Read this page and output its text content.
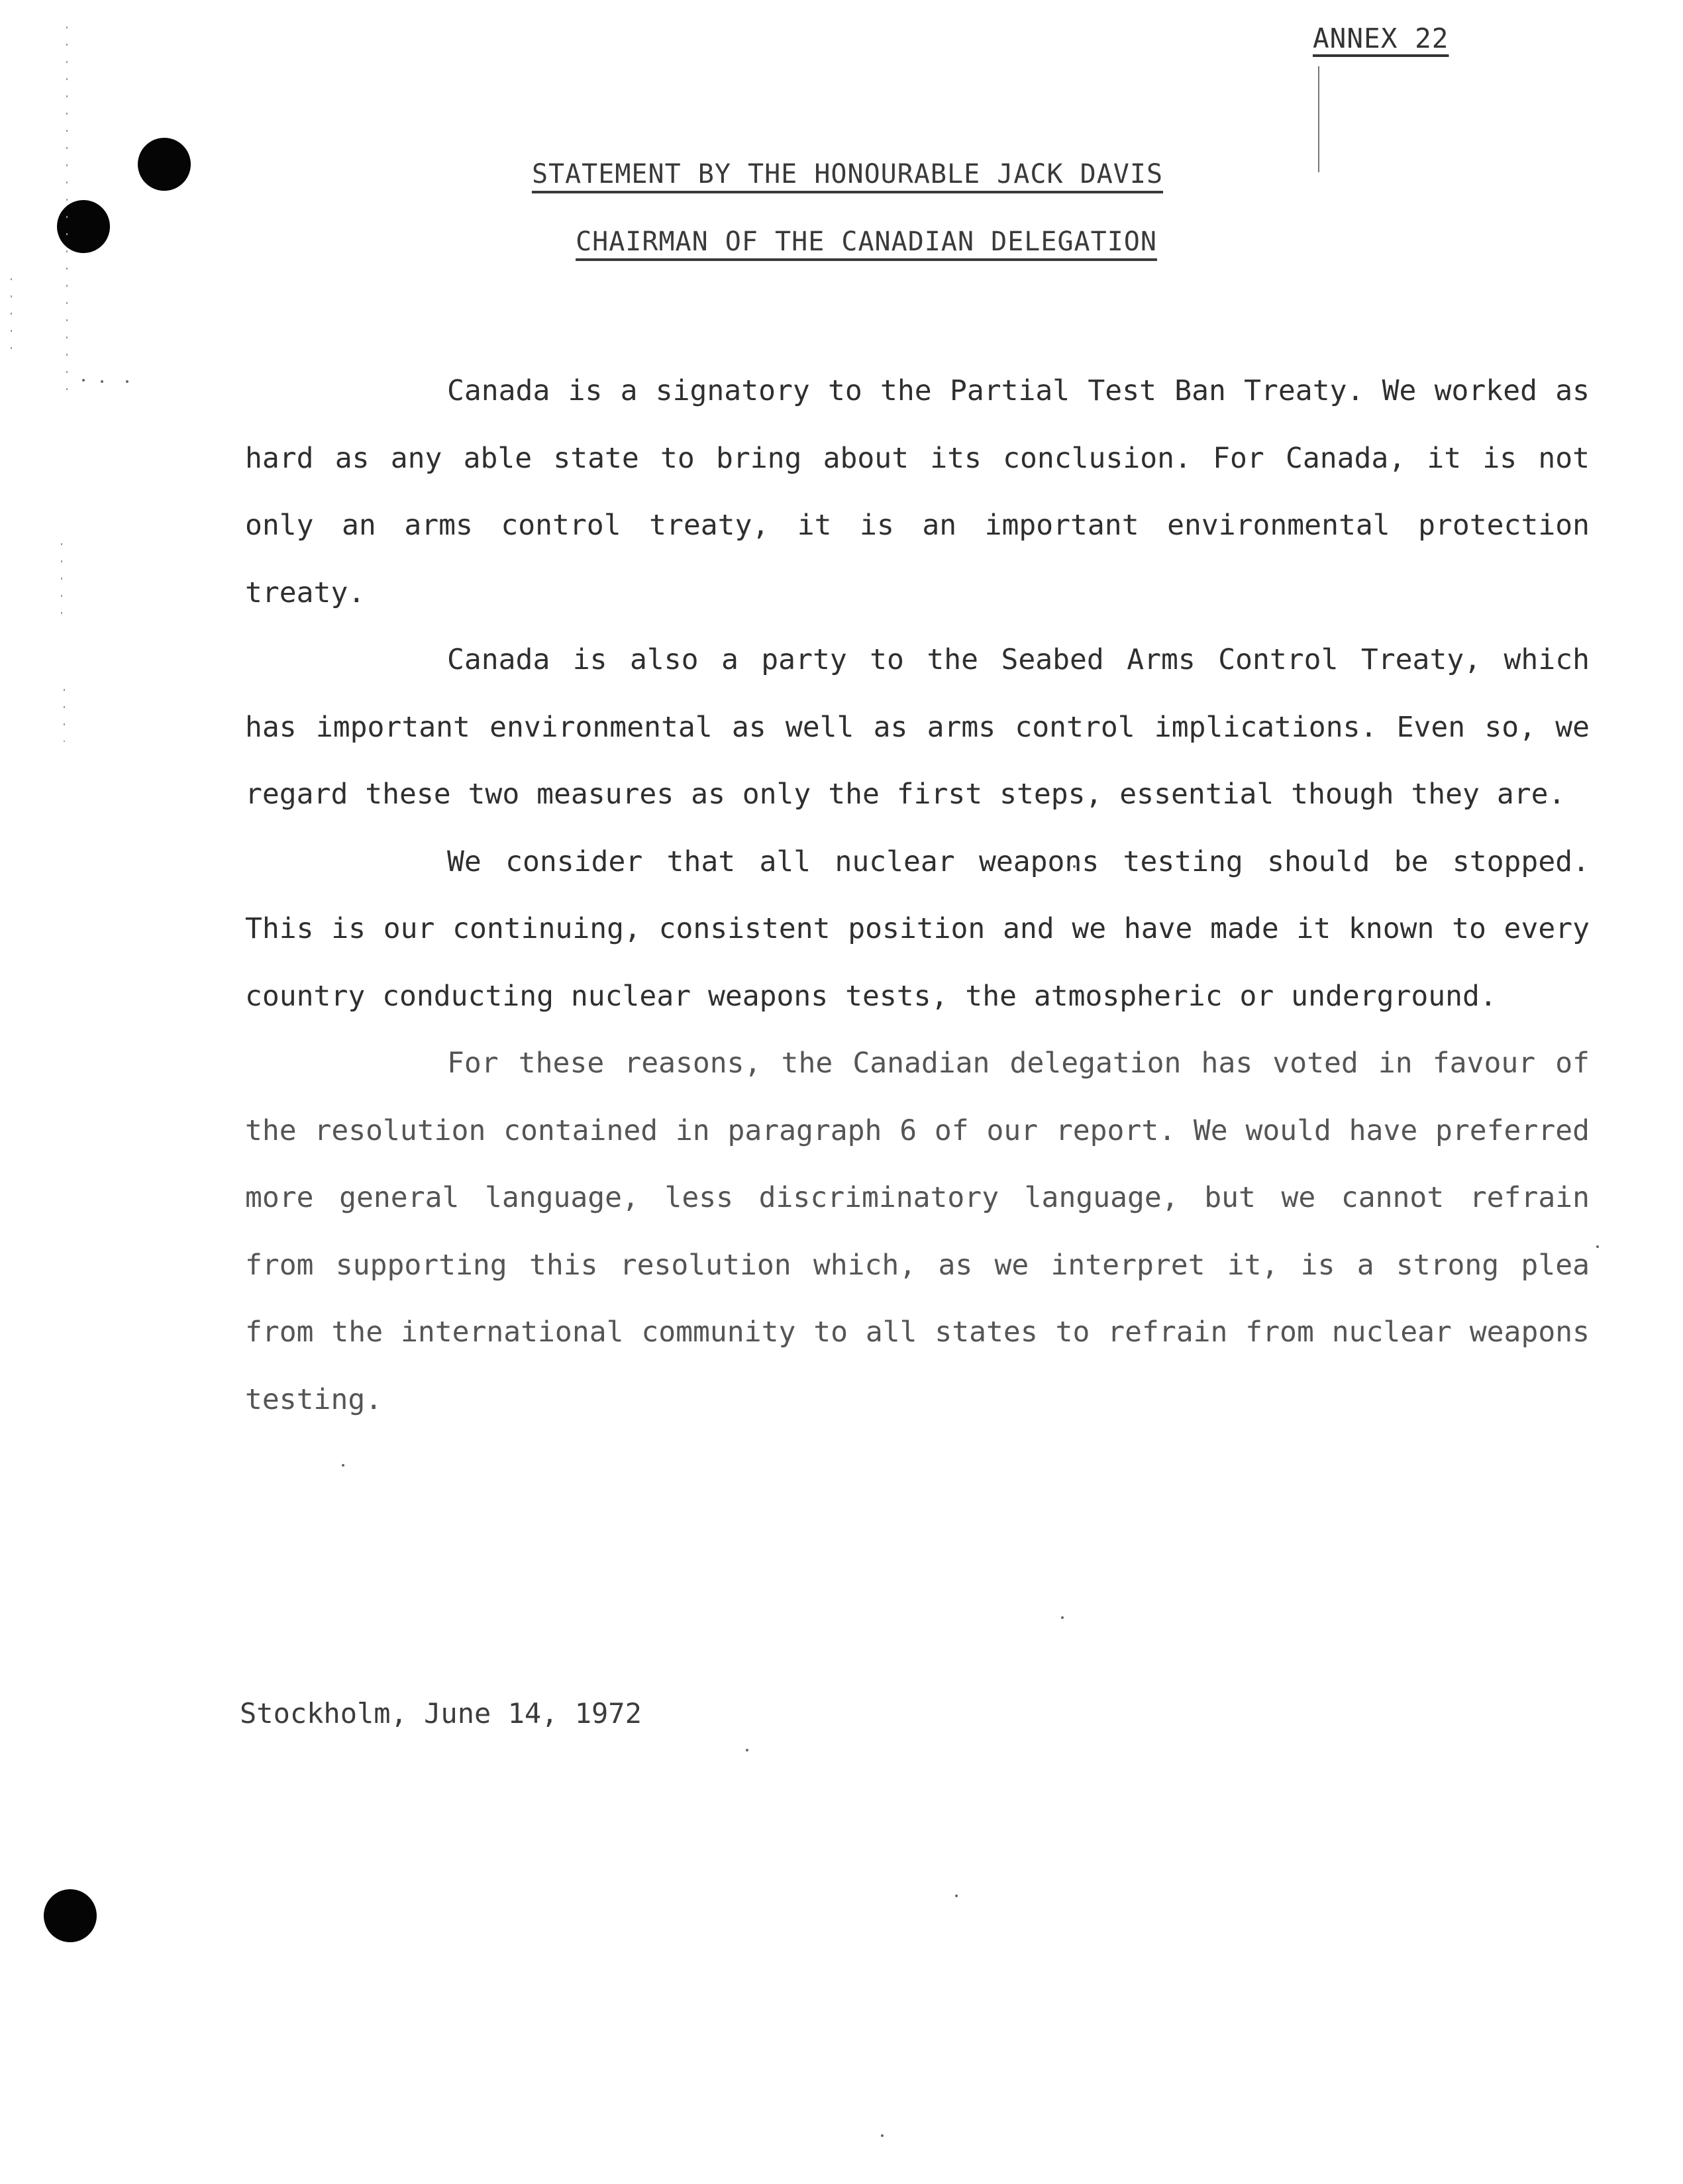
ANNEX 22
STATEMENT BY THE HONOURABLE JACK DAVIS
CHAIRMAN OF THE CANADIAN DELEGATION

Canada is a signatory to the Partial Test Ban Treaty. We worked as hard as any able state to bring about its conclusion. For Canada, it is not only an arms control treaty, it is an important environmental protection treaty.

Canada is also a party to the Seabed Arms Control Treaty, which has important environmental as well as arms control implications. Even so, we regard these two measures as only the first steps, essential though they are.

We consider that all nuclear weapons testing should be stopped. This is our continuing, consistent position and we have made it known to every country conducting nuclear weapons tests, the atmospheric or underground.

For these reasons, the Canadian delegation has voted in favour of the resolution contained in paragraph 6 of our report. We would have preferred more general language, less discriminatory language, but we cannot refrain from supporting this resolution which, as we interpret it, is a strong plea from the international community to all states to refrain from nuclear weapons testing.

Stockholm, June 14, 1972
